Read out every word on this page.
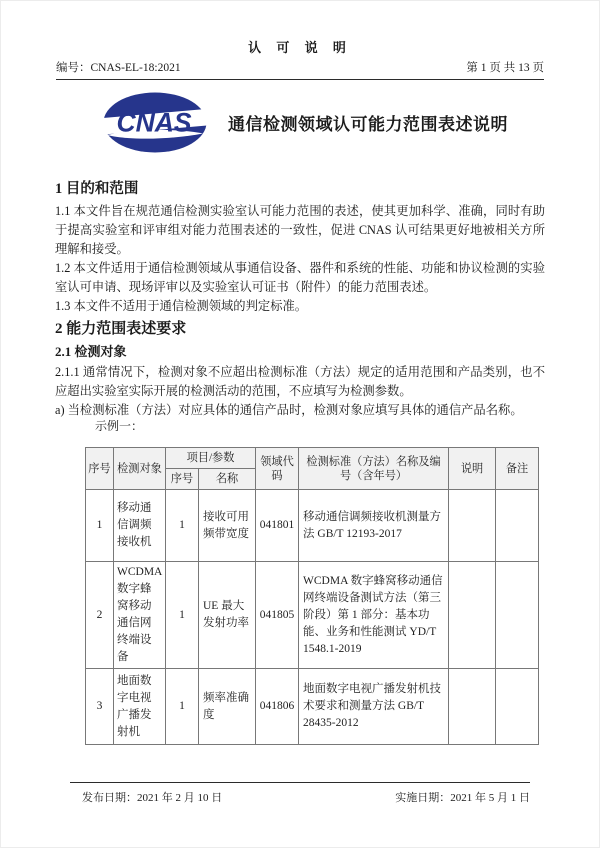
认 可 说 明
编号：CNAS-EL-18:2021	第 1 页 共 13 页
CNAS 通信检测领域认可能力范围表述说明

1 目的和范围

1.1 本文件旨在规范通信检测实验室认可能力范围的表述，使其更加科学、准确，同时有助于提高实验室和评审组对能力范围表述的一致性，促进 CNAS 认可结果更好地被相关方所理解和接受。

1.2 本文件适用于通信检测领域从事通信设备、器件和系统的性能、功能和协议检测的实验室认可申请、现场评审以及实验室认可证书（附件）的能力范围表述。

1.3 本文件不适用于通信检测领域的判定标准。

2 能力范围表述要求

2.1 检测对象

2.1.1 通常情况下，检测对象不应超出检测标准（方法）规定的适用范围和产品类别，也不应超出实验室实际开展的检测活动的范围，不应填写为检测参数。

a) 当检测标准（方法）对应具体的通信产品时，检测对象应填写具体的通信产品名称。

示例一：

序号	检测对象	项目/参数		领域代码	检测标准（方法）名称及编号（含年号）	说明	备注
		序号	名称				
1	移动通信调频接收机	1	接收可用频带宽度	041801	移动通信调频接收机测量方法 GB/T 12193-2017		
2	WCDMA 数字蜂窝移动通信网终端设备	1	UE 最大发射功率	041805	WCDMA 数字蜂窝移动通信网终端设备测试方法（第三阶段）第 1 部分：基本功能、业务和性能测试 YD/T 1548.1-2019		
3	地面数字电视广播发射机	1	频率准确度	041806	地面数字电视广播发射机技术要求和测量方法 GB/T 28435-2012		
发布日期：2021 年 2 月 10 日	实施日期：2021 年 5 月 1 日
